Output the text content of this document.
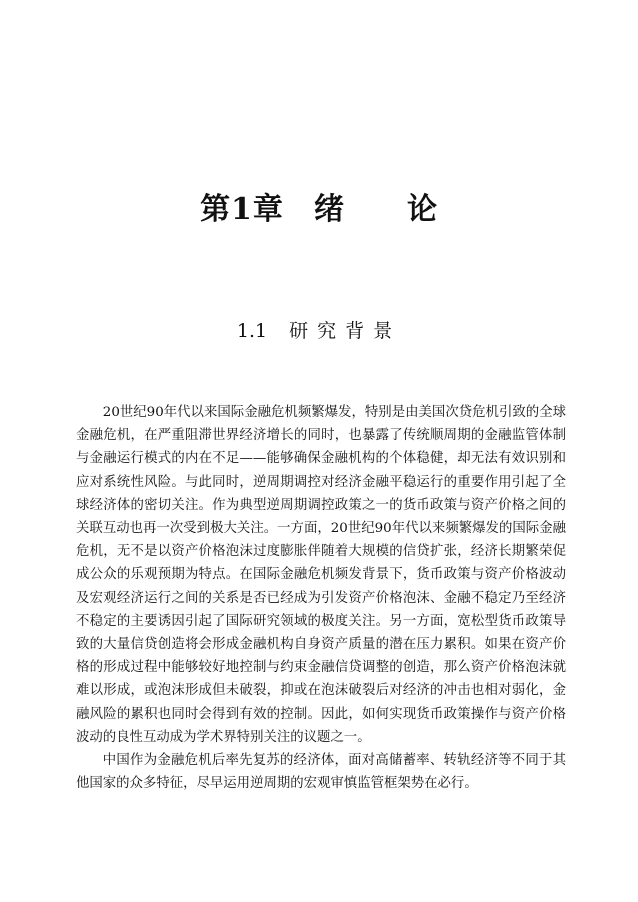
第1章 绪 论
1.1 研究背景

20世纪90年代以来国际金融危机频繁爆发，特别是由美国次贷危机引致的全球金融危机，在严重阻滞世界经济增长的同时，也暴露了传统顺周期的金融监管体制与金融运行模式的内在不足——能够确保金融机构的个体稳健，却无法有效识别和应对系统性风险。与此同时，逆周期调控对经济金融平稳运行的重要作用引起了全球经济体的密切关注。作为典型逆周期调控政策之一的货币政策与资产价格之间的关联互动也再一次受到极大关注。一方面，20世纪90年代以来频繁爆发的国际金融危机，无不是以资产价格泡沫过度膨胀伴随着大规模的信贷扩张，经济长期繁荣促成公众的乐观预期为特点。在国际金融危机频发背景下，货币政策与资产价格波动及宏观经济运行之间的关系是否已经成为引发资产价格泡沫、金融不稳定乃至经济不稳定的主要诱因引起了国际研究领域的极度关注。另一方面，宽松型货币政策导致的大量信贷创造将会形成金融机构自身资产质量的潜在压力累积。如果在资产价格的形成过程中能够较好地控制与约束金融信贷调整的创造，那么资产价格泡沫就难以形成，或泡沫形成但未破裂，抑或在泡沫破裂后对经济的冲击也相对弱化，金融风险的累积也同时会得到有效的控制。因此，如何实现货币政策操作与资产价格波动的良性互动成为学术界特别关注的议题之一。

中国作为金融危机后率先复苏的经济体，面对高储蓄率、转轨经济等不同于其他国家的众多特征，尽早运用逆周期的宏观审慎监管框架势在必行。
